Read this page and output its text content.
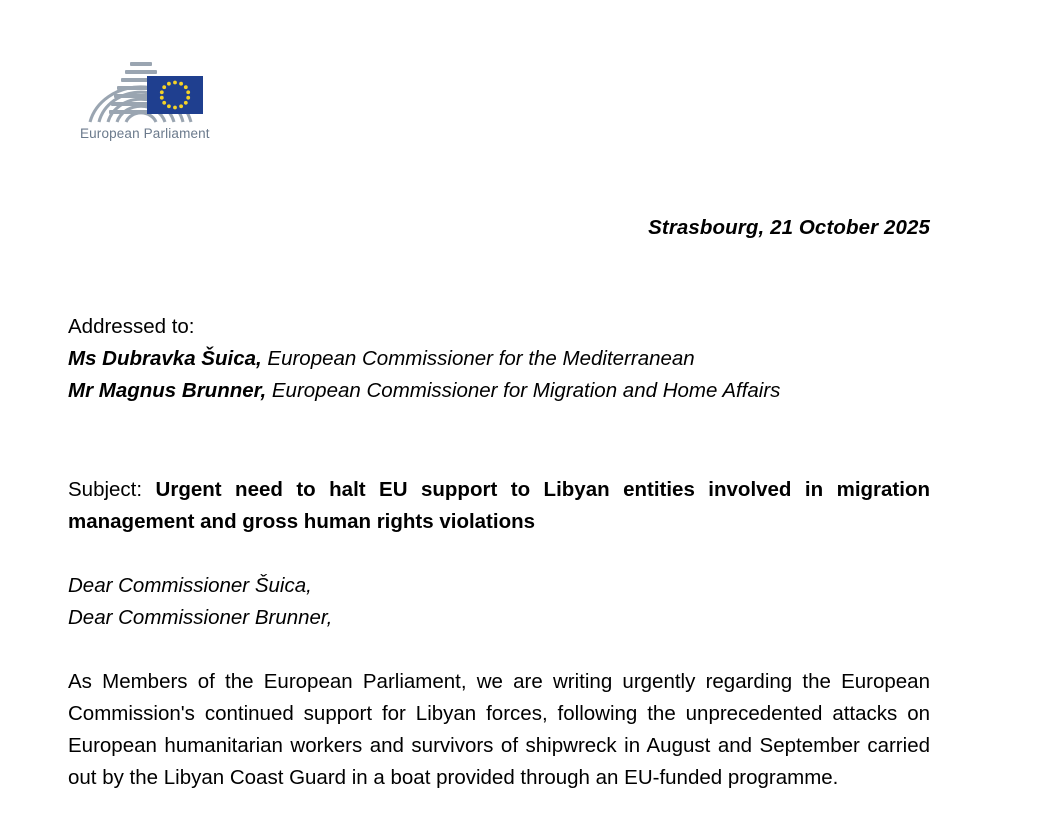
European Parliament
Strasbourg, 21 October 2025
Addressed to:
Ms Dubravka Šuica, European Commissioner for the Mediterranean
Mr Magnus Brunner, European Commissioner for Migration and Home Affairs
Subject: Urgent need to halt EU support to Libyan entities involved in migration management and gross human rights violations
Dear Commissioner Šuica,
Dear Commissioner Brunner,
As Members of the European Parliament, we are writing urgently regarding the European Commission's continued support for Libyan forces, following the unprecedented attacks on European humanitarian workers and survivors of shipwreck in August and September carried out by the Libyan Coast Guard in a boat provided through an EU-funded programme.
